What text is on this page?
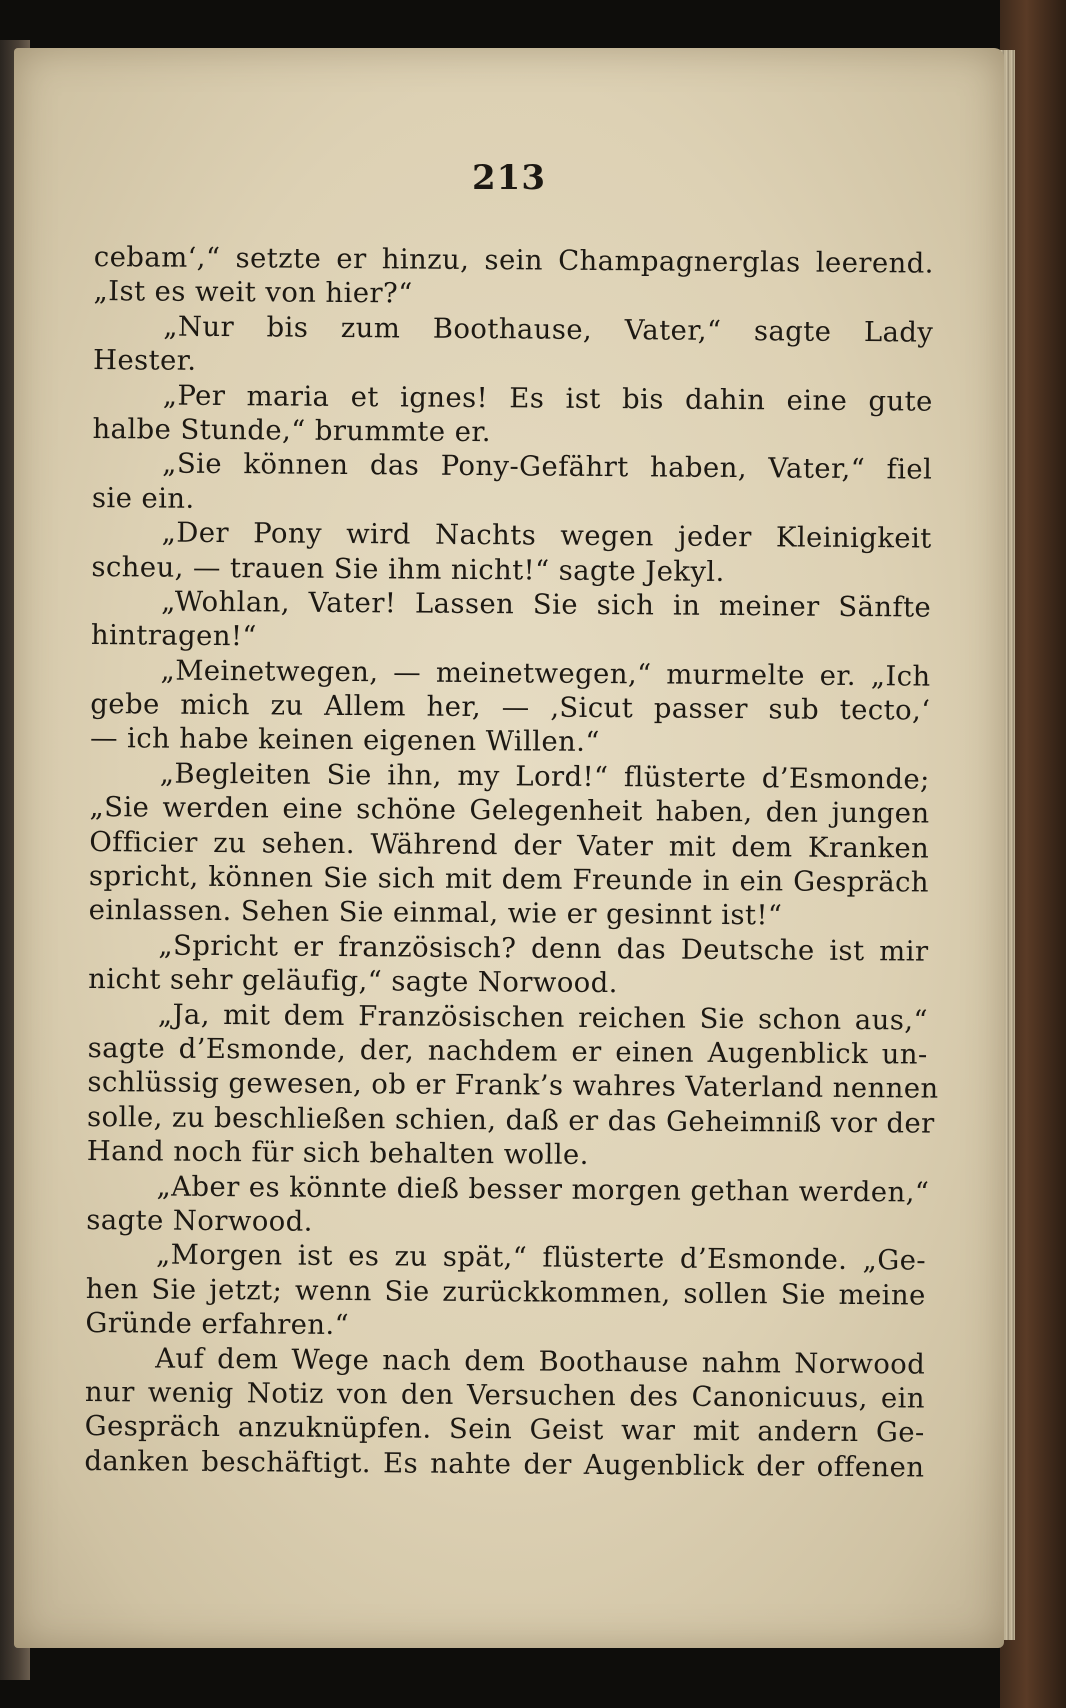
213
cebam‘,“ setzte er hinzu, sein Champagnerglas leerend.
„Ist es weit von hier?“
„Nur bis zum Boothause, Vater,“ sagte Lady
Hester.
„Per maria et ignes! Es ist bis dahin eine gute
halbe Stunde,“ brummte er.
„Sie können das Pony-Gefährt haben, Vater,“ fiel
sie ein.
„Der Pony wird Nachts wegen jeder Kleinigkeit
scheu, — trauen Sie ihm nicht!“ sagte Jekyl.
„Wohlan, Vater! Lassen Sie sich in meiner Sänfte
hintragen!“
„Meinetwegen, — meinetwegen,“ murmelte er. „Ich
gebe mich zu Allem her, — ‚Sicut passer sub tecto,‘
— ich habe keinen eigenen Willen.“
„Begleiten Sie ihn, my Lord!“ flüsterte d’Esmonde;
„Sie werden eine schöne Gelegenheit haben, den jungen
Officier zu sehen. Während der Vater mit dem Kranken
spricht, können Sie sich mit dem Freunde in ein Gespräch
einlassen. Sehen Sie einmal, wie er gesinnt ist!“
„Spricht er französisch? denn das Deutsche ist mir
nicht sehr geläufig,“ sagte Norwood.
„Ja, mit dem Französischen reichen Sie schon aus,“
sagte d’Esmonde, der, nachdem er einen Augenblick un-
schlüssig gewesen, ob er Frank’s wahres Vaterland nennen
solle, zu beschließen schien, daß er das Geheimniß vor der
Hand noch für sich behalten wolle.
„Aber es könnte dieß besser morgen gethan werden,“
sagte Norwood.
„Morgen ist es zu spät,“ flüsterte d’Esmonde. „Ge-
hen Sie jetzt; wenn Sie zurückkommen, sollen Sie meine
Gründe erfahren.“
Auf dem Wege nach dem Boothause nahm Norwood
nur wenig Notiz von den Versuchen des Canonicuus, ein
Gespräch anzuknüpfen. Sein Geist war mit andern Ge-
danken beschäftigt. Es nahte der Augenblick der offenen
